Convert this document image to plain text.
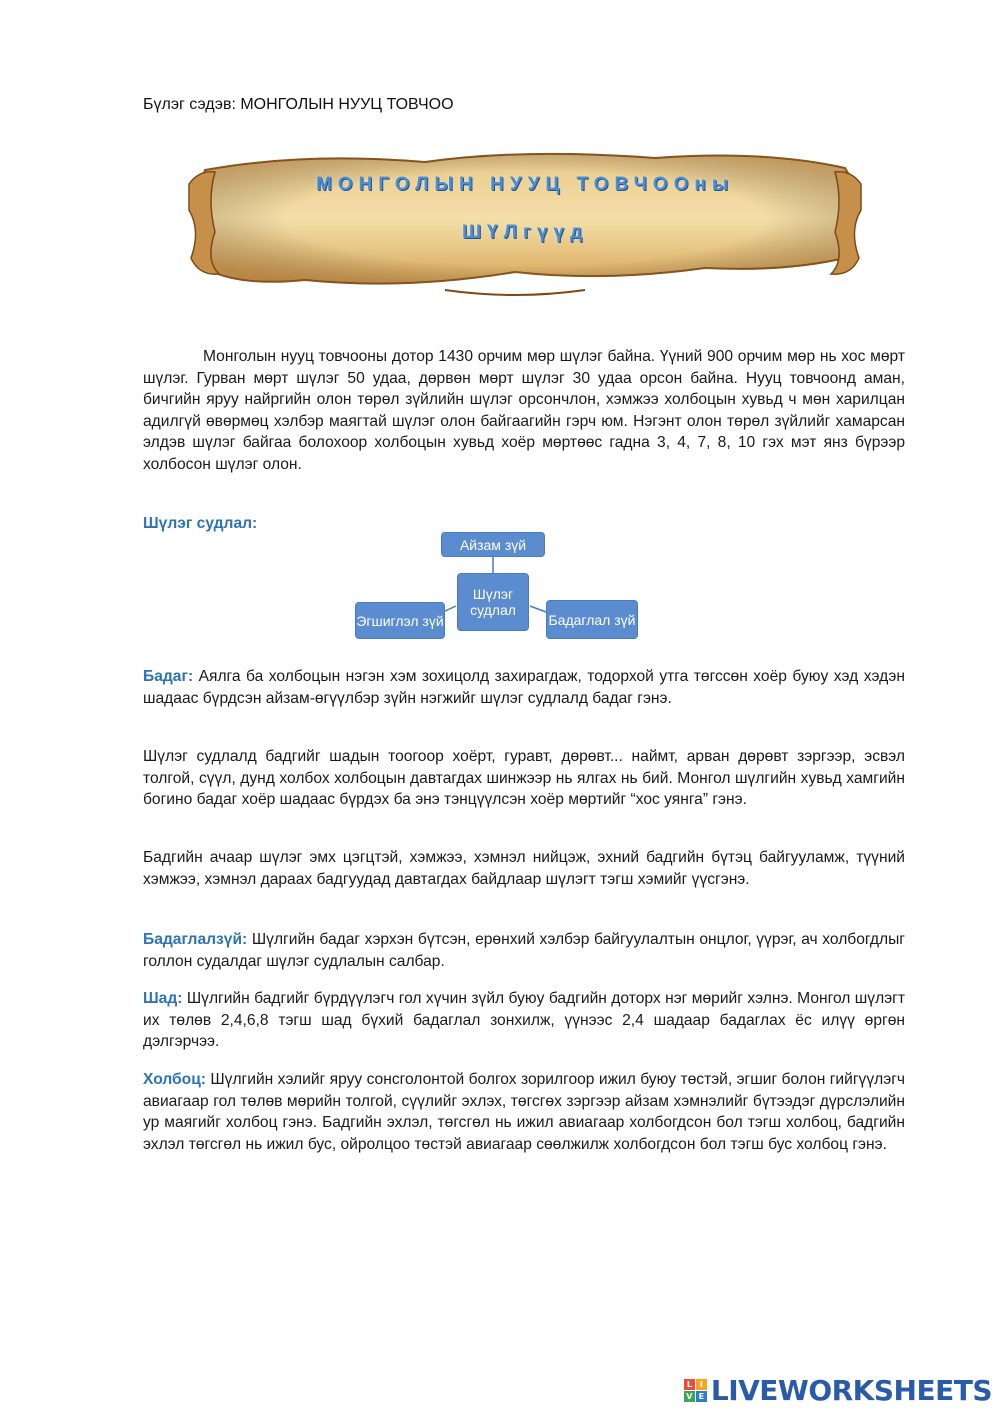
Бүлэг сэдэв: МОНГОЛЫН НУУЦ ТОВЧОО
МОНГОЛЫН НУУЦ ТОВЧООны
ШҮЛгүүд

Монголын нууц товчооны дотор 1430 орчим мөр шүлэг байна. Үүний 900 орчим мөр нь хос мөрт шүлэг. Гурван мөрт шүлэг 50 удаа, дөрвөн мөрт шүлэг 30 удаа орсон байна. Нууц товчоонд аман, бичгийн яруу найргийн олон төрөл зүйлийн шүлэг орсончлон, хэмжээ холбоцын хувьд ч мөн харилцан адилгүй өвөрмөц хэлбэр маягтай шүлэг олон байгаагийн гэрч юм. Нэгэнт олон төрөл зүйлийг хамарсан элдэв шүлэг байгаа болохоор холбоцын хувьд хоёр мөртөөс гадна 3, 4, 7, 8, 10 гэх мэт янз бүрээр холбосон шүлэг олон.

Шүлэг судлал:
Айзам зүй
Шүлэг судлал
Эгшиглэл зүй	Бадаглал зүй

Бадаг: Аялга ба холбоцын нэгэн хэм зохицолд захирагдаж, тодорхой утга төгссөн хоёр буюу хэд хэдэн шадаас бүрдсэн айзам-өгүүлбэр зүйн нэгжийг шүлэг судлалд бадаг гэнэ.

Шүлэг судлалд бадгийг шадын тоогоор хоёрт, гуравт, дөрөвт... наймт, арван дөрөвт зэргээр, эсвэл толгой, сүүл, дунд холбох холбоцын давтагдах шинжээр нь ялгах нь бий. Монгол шүлгийн хувьд хамгийн богино бадаг хоёр шадаас бүрдэх ба энэ тэнцүүлсэн хоёр мөртийг “хос уянга” гэнэ.

Бадгийн ачаар шүлэг эмх цэгцтэй, хэмжээ, хэмнэл нийцэж, эхний бадгийн бүтэц байгууламж, түүний хэмжээ, хэмнэл дараах бадгуудад давтагдах байдлаар шүлэгт тэгш хэмийг үүсгэнэ.

Бадаглалзүй: Шүлгийн бадаг хэрхэн бүтсэн, ерөнхий хэлбэр байгуулалтын онцлог, үүрэг, ач холбогдлыг голлон судалдаг шүлэг судлалын салбар.

Шад: Шүлгийн бадгийг бүрдүүлэгч гол хүчин зүйл буюу бадгийн доторх нэг мөрийг хэлнэ. Монгол шүлэгт их төлөв 2,4,6,8 тэгш шад бүхий бадаглал зонхилж, үүнээс 2,4 шадаар бадаглах ёс илүү өргөн дэлгэрчээ.

Холбоц: Шүлгийн хэлийг яруу сонсголонтой болгох зорилгоор ижил буюу төстэй, эгшиг болон гийгүүлэгч авиагаар гол төлөв мөрийн толгой, сүүлийг эхлэх, төгсгөх зэргээр айзам хэмнэлийг бүтээдэг дүрслэлийн ур маягийг холбоц гэнэ. Бадгийн эхлэл, төгсгөл нь ижил авиагаар холбогдсон бол тэгш холбоц, бадгийн эхлэл төгсгөл нь ижил бус, ойролцоо төстэй авиагаар сөөлжилж холбогдсон бол тэгш бус холбоц гэнэ.

L I
V E LIVEWORKSHEETS
